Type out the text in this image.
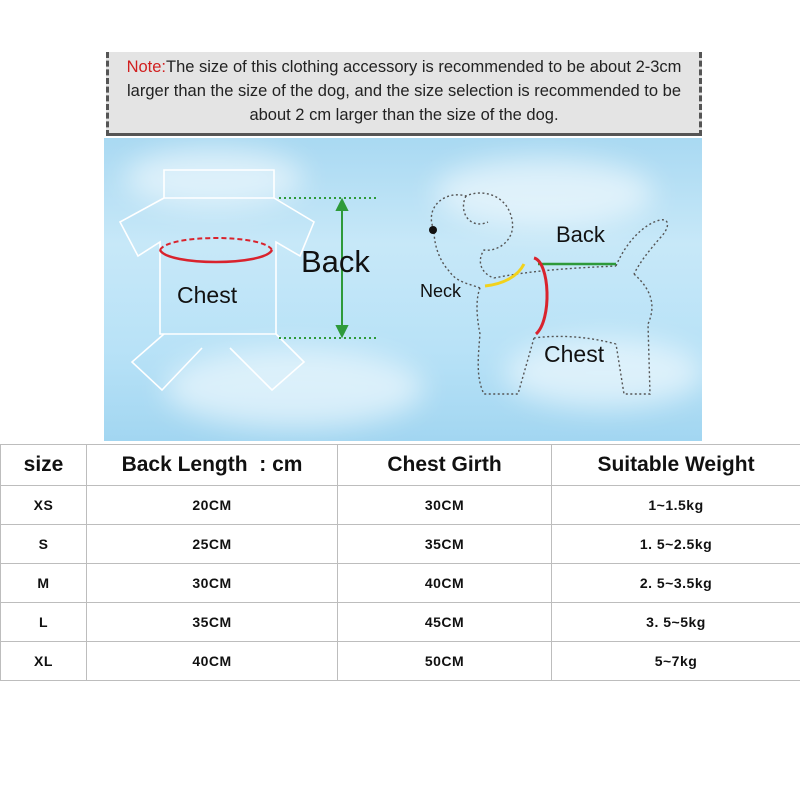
Note:The size of this clothing accessory is recommended to be about 2-3cm larger than the size of the dog, and the size selection is recommended to be about 2 cm larger than the size of the dog.
Back
Chest
Back
Neck
Chest
size	Back Length  : cm	Chest Girth	Suitable Weight
XS	20CM	30CM	1~1.5kg
S	25CM	35CM	1. 5~2.5kg
M	30CM	40CM	2. 5~3.5kg
L	35CM	45CM	3. 5~5kg
XL	40CM	50CM	5~7kg
